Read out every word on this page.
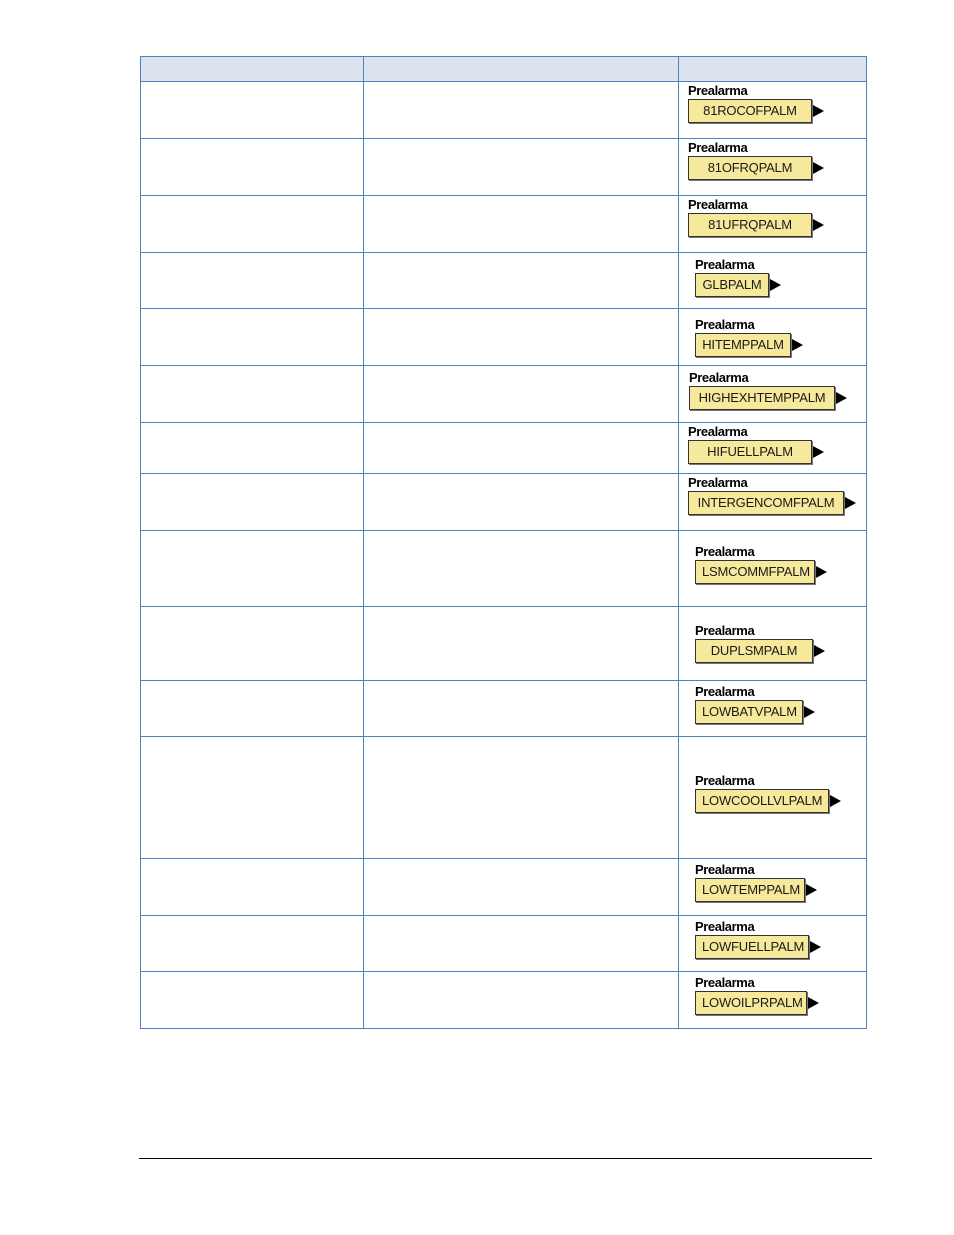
		Prealarma
81ROCOFPALM

		Prealarma
81OFRQPALM

		Prealarma
81UFRQPALM

		Prealarma
GLBPALM

		Prealarma
HITEMPPALM

		Prealarma
HIGHEXHTEMPPALM

		Prealarma
HIFUELLPALM

		Prealarma
INTERGENCOMFPALM

		Prealarma
LSMCOMMFPALM

		Prealarma
DUPLSMPALM

		Prealarma
LOWBATVPALM

		Prealarma
LOWCOOLLVLPALM

		Prealarma
LOWTEMPPALM

		Prealarma
LOWFUELLPALM

		Prealarma
LOWOILPRPALM
